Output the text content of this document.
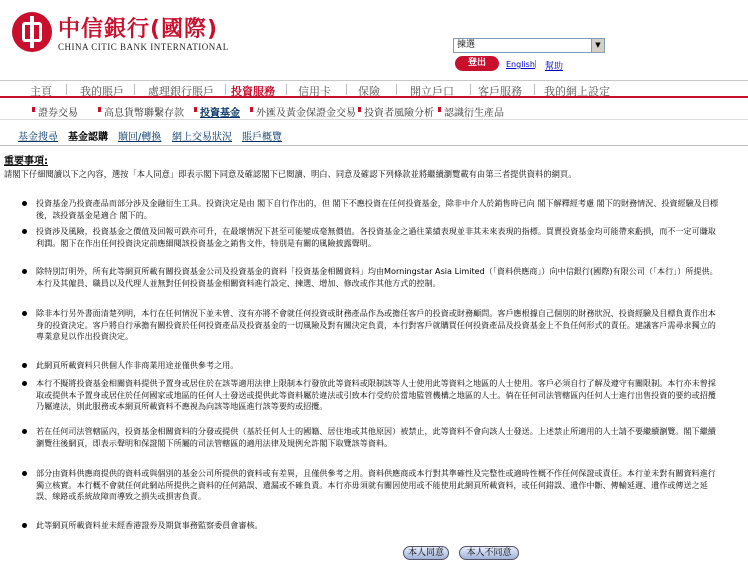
中信銀行(國際)
CHINA CITIC BANK INTERNATIONAL	揀選	▼
登出	English | 幫助
主頁	我的賬戶 處理銀行賬戶 投資服務 信用卡 保險	開立戶口 客戶服務 我的網上設定
證券交易	高息貨幣聯繫存款 投資基金 外匯及黃金保證金交易 投資者風險分析 認識衍生產品
基金搜尋 基金認購 贖回/轉換 網上交易狀況 賬戶概覽
重要事項:
請閣下仔細閱讀以下之內容，選按「本人同意」即表示閣下同意及確認閣下已閱讀、明白、同意及確認下列條款並將繼續瀏覽載有由第三者提供資料的網頁。
投資基金乃投資產品而部分涉及金融衍生工具。投資決定是由 閣下自行作出的，但 閣下不應投資在任何投資基金，除非中介人於銷售時已向 閣下解釋經考慮 閣下的財務情況、投資經驗及目標後，該投資基金是適合 閣下的。
投資涉及風險，投資基金之價值及回報可跌亦可升，在最壞情況下甚至可能變成毫無價值。各投資基金之過往業績表現並非其未來表現的指標。買賣投資基金均可能帶來虧損，而不一定可賺取利潤。閣下在作出任何投資決定前應細閱該投資基金之銷售文件，特別是有關的風險披露聲明。
除特別訂明外，所有此等網頁所載有關投資基金公司及投資基金的資料「投資基金相關資料」均由Morningstar Asia Limited（「資料供應商」）向中信銀行(國際)有限公司（「本行」）所提供。本行及其僱員、職員以及代理人並無對任何投資基金相關資料進行設定、揀選、增加、修改或作其他方式的控制。
除非本行另外書面清楚列明，本行在任何情況下並未曾、沒有亦將不會就任何投資或財務產品作為或擔任客戶的投資或財務顧問。客戶應根據自己個別的財務狀況、投資經驗及目標負責作出本身的投資決定。客戶將自行承擔有關投資於任何投資產品及投資基金的一切風險及對有關決定負責，本行對客戶就購買任何投資產品及投資基金上不負任何形式的責任。建議客戶需尋求獨立的專業意見以作出投資決定。
此網頁所載資料只供個人作非商業用途並僅供參考之用。
本行不擬將投資基金相關資料提供予置身或居住於在該等適用法律上限制本行發放此等資料或限制該等人士使用此等資料之地區的人士使用。客戶必須自行了解及遵守有關限制。本行亦未曾採取或提供本予置身或居住於任何國家或地區的任何人士發送或提供此等資料屬於違法或引致本行受約於當地監管機構之地區的人士。倘在任何司法管轄區內任何人士進行出售投資的要約或招攬乃屬違法，則此服務或本網頁所載資料不應視為向該等地區進行該等要約或招攬。
若在任何司法管轄區內，投資基金相關資料的分發或提供（基於任何人士的國籍、居住地或其他原因）被禁止，此等資料不會向該人士發送。上述禁止所適用的人士請不要繼續瀏覽。閣下繼續瀏覽往後網頁，即表示聲明和保證閣下所屬的司法管轄區的適用法律及規例允許閣下取覽該等資料。
部分由資料供應商提供的資料或與個別的基金公司所提供的資料或有差異，且僅供參考之用。資料供應商或本行對其準確性及完整性或適時性概不作任何保證或責任。本行並未對有關資料進行獨立核實。本行概不會就任何此網站所提供之資料的任何錯誤、遺漏或不確負責。本行亦毋須就有關因使用或不能使用此網頁所載資料，或任何錯誤、遺作中斷、傳輸延遲、遺作或傳送之延誤、線路或系統故障而導致之損失或損害負責。
此等網頁所載資料並未經香港證券及期貨事務監察委員會審核。
本人同意	本人不同意
